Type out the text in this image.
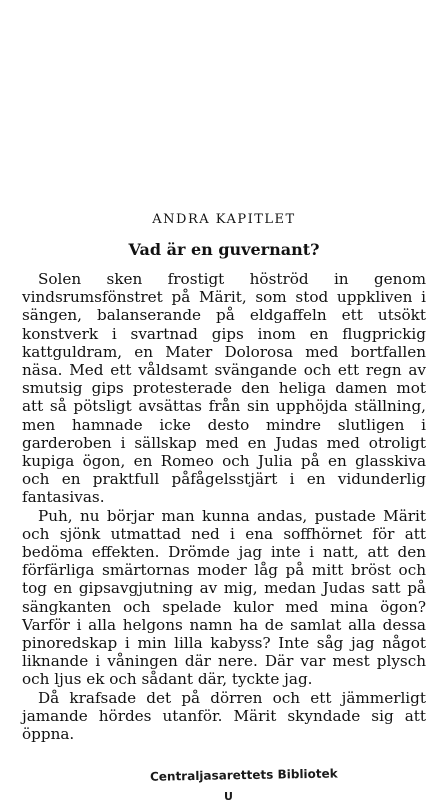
ANDRA KAPITLET
Vad är en guvernant?

Solen sken frostigt höströd in genom vindsrumsfönstret på Märit, som stod uppkliven i sängen, balanserande på eldgaffeln ett utsökt konstverk i svartnad gips inom en flugprickig kattguldram, en Mater Dolorosa med bortfallen näsa. Med ett våldsamt svängande och ett regn av smutsig gips protesterade den heliga damen mot att så pötsligt avsättas från sin upphöjda ställning, men hamnade icke desto mindre slutligen i garderoben i sällskap med en Judas med otroligt kupiga ögon, en Romeo och Julia på en glasskiva och en praktfull påfågelsstjärt i en vidunderlig fantasivas.

Puh, nu börjar man kunna andas, pustade Märit och sjönk utmattad ned i ena soffhörnet för att bedöma effekten. Drömde jag inte i natt, att den förfärliga smärtornas moder låg på mitt bröst och tog en gipsavgjutning av mig, medan Judas satt på sängkanten och spelade kulor med mina ögon? Varför i alla helgons namn ha de samlat alla dessa pinoredskap i min lilla kabyss? Inte såg jag något liknande i våningen där nere. Där var mest plysch och ljus ek och sådant där, tyckte jag.

Då krafsade det på dörren och ett jämmerligt jamande hördes utanför. Märit skyndade sig att öppna.

Centraljasarettets Bibliotek
U
